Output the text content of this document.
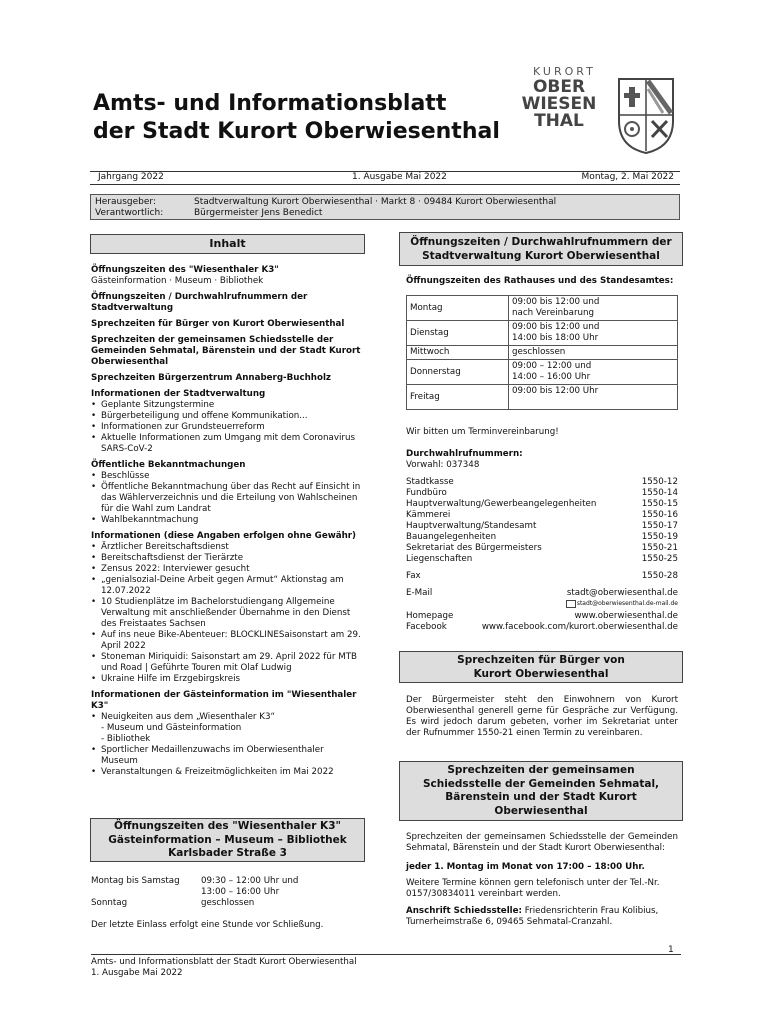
Amts- und Informationsblatt
der Stadt Kurort Oberwiesenthal
KURORT
OBER
WIESEN
THAL
Jahrgang 2022	1. Ausgabe Mai 2022	Montag, 2. Mai 2022
Herausgeber:	Stadtverwaltung Kurort Oberwiesenthal · Markt 8 · 09484 Kurort Oberwiesenthal
Verantwortlich:	Bürgermeister Jens Benedict
Inhalt

Öffnungszeiten des "Wiesenthaler K3"

Gästeinformation · Museum · Bibliothek

Öffnungszeiten / Durchwahlrufnummern der Stadtverwaltung

Sprechzeiten für Bürger von Kurort Oberwiesenthal

Sprechzeiten der gemeinsamen Schiedsstelle der Gemeinden Sehmatal, Bärenstein und der Stadt Kurort Oberwiesenthal

Sprechzeiten Bürgerzentrum Annaberg-Buchholz

Informationen der Stadtverwaltung

• Geplante Sitzungstermine
• Bürgerbeteiligung und offene Kommunikation...
• Informationen zur Grundsteuerreform
• Aktuelle Informationen zum Umgang mit dem Coronavirus SARS-CoV-2

Öffentliche Bekanntmachungen

• Beschlüsse
• Öffentliche Bekanntmachung über das Recht auf Einsicht in das Wählerverzeichnis und die Erteilung von Wahlscheinen für die Wahl zum Landrat
• Wahlbekanntmachung

Informationen (diese Angaben erfolgen ohne Gewähr)

• Ärztlicher Bereitschaftsdienst
• Bereitschaftsdienst der Tierärzte
• Zensus 2022: Interviewer gesucht
• „genialsozial-Deine Arbeit gegen Armut“ Aktionstag am 12.07.2022
• 10 Studienplätze im Bachelorstudiengang Allgemeine Verwaltung mit anschließender Übernahme in den Dienst des Freistaates Sachsen
• Auf ins neue Bike-Abenteuer: BLOCKLINESaisonstart am 29. April 2022
• Stoneman Miriquidi: Saisonstart am 29. April 2022 für MTB und Road | Geführte Touren mit Olaf Ludwig
• Ukraine Hilfe im Erzgebirgskreis

Informationen der Gästeinformation im "Wiesenthaler K3"

• Neuigkeiten aus dem „Wiesenthaler K3“
- Museum und Gästeinformation
- Bibliothek
• Sportlicher Medaillenzuwachs im Oberwiesenthaler Museum
• Veranstaltungen & Freizeitmöglichkeiten im Mai 2022
Öffnungszeiten des "Wiesenthaler K3"
Gästeinformation – Museum – Bibliothek
Karlsbader Straße 3
Montag bis Samstag 09:30 – 12:00 Uhr und
13:00 – 16:00 Uhr
Sonntag	geschlossen

Der letzte Einlass erfolgt eine Stunde vor Schließung.

Öffnungszeiten / Durchwahlrufnummern der
Stadtverwaltung Kurort Oberwiesenthal

Öffnungszeiten des Rathauses und des Standesamtes:

Montag	09:00 bis 12:00 und
nach Vereinbarung
Dienstag	09:00 bis 12:00 und
14:00 bis 18:00 Uhr
Mittwoch	geschlossen
Donnerstag	09:00 – 12:00 und
14:00 – 16:00 Uhr
Freitag	09:00 bis 12:00 Uhr

Wir bitten um Terminvereinbarung!

Durchwahlrufnummern:

Vorwahl: 037348

Stadtkasse	1550-12
Fundbüro	1550-14
Hauptverwaltung/Gewerbeangelegenheiten	1550-15
Kämmerei	1550-16
Hauptverwaltung/Standesamt	1550-17
Bauangelegenheiten	1550-19
Sekretariat des Bürgermeisters	1550-21
Liegenschaften	1550-25
Fax	1550-28
E-Mail	stadt@oberwiesenthal.de
stadt@oberwiesenthal.de-mail.de
Homepage	www.oberwiesenthal.de
Facebook	www.facebook.com/kurort.oberwiesenthal.de
Sprechzeiten für Bürger von
Kurort Oberwiesenthal
Der Bürgermeister steht den Einwohnern von Kurort Oberwiesenthal generell gerne für Gespräche zur Verfügung. Es wird jedoch darum gebeten, vorher im Sekretariat unter der Rufnummer 1550-21 einen Termin zu vereinbaren.
Sprechzeiten der gemeinsamen
Schiedsstelle der Gemeinden Sehmatal,
Bärenstein und der Stadt Kurort
Oberwiesenthal

Sprechzeiten der gemeinsamen Schiedsstelle der Gemeinden Sehmatal, Bärenstein und der Stadt Kurort Oberwiesenthal:

jeder 1. Montag im Monat von 17:00 – 18:00 Uhr.

Weitere Termine können gern telefonisch unter der Tel.-Nr. 0157/30834011 vereinbart werden.

Anschrift Schiedsstelle: Friedensrichterin Frau Kolibius, Turnerheimstraße 6, 09465 Sehmatal-Cranzahl.

1
Amts- und Informationsblatt der Stadt Kurort Oberwiesenthal
1. Ausgabe Mai 2022
